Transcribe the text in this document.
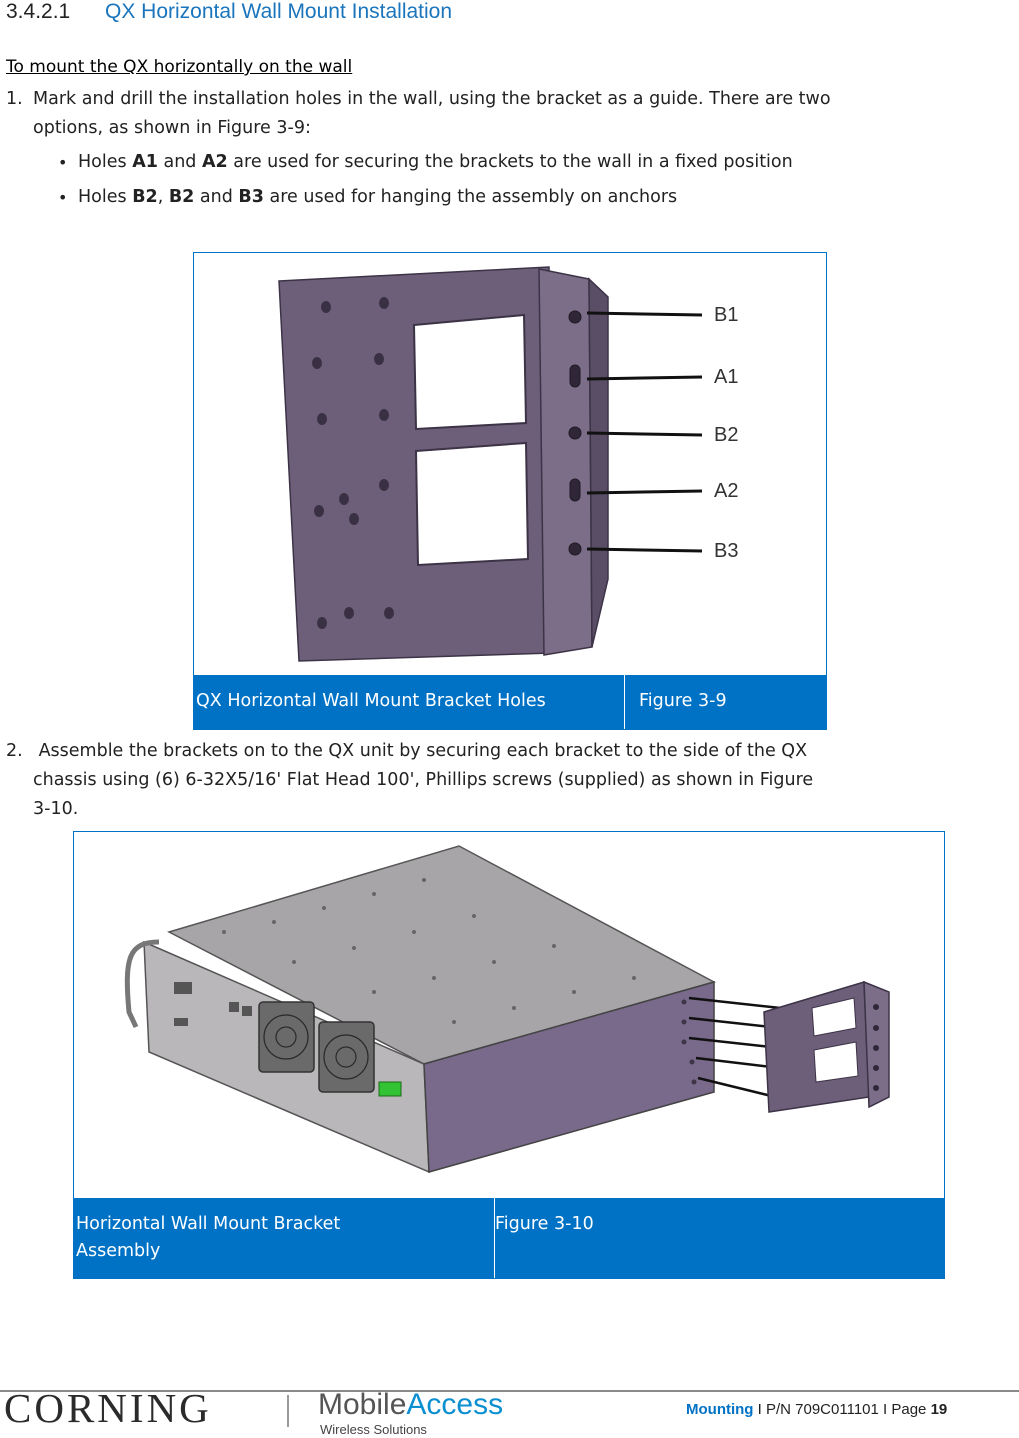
3.4.2.1 QX Horizontal Wall Mount Installation
To mount the QX horizontally on the wall
1. Mark and drill the installation holes in the wall, using the bracket as a guide. There are two
options, as shown in Figure 3-9:
• Holes A1 and A2 are used for securing the brackets to the wall in a fixed position
• Holes B2, B2 and B3 are used for hanging the assembly on anchors
B1
A1
B2
A2
B3
QX Horizontal Wall Mount Bracket Holes	Figure 3-9
2. Assemble the brackets on to the QX unit by securing each bracket to the side of the QX
chassis using (6) 6-32X5/16' Flat Head 100', Phillips screws (supplied) as shown in Figure
3-10.
Horizontal Wall Mount Bracket
Assembly
Figure 3-10
CORNING	MobileAccess
Wireless Solutions
Mounting I P/N 709C011101 I Page 19
